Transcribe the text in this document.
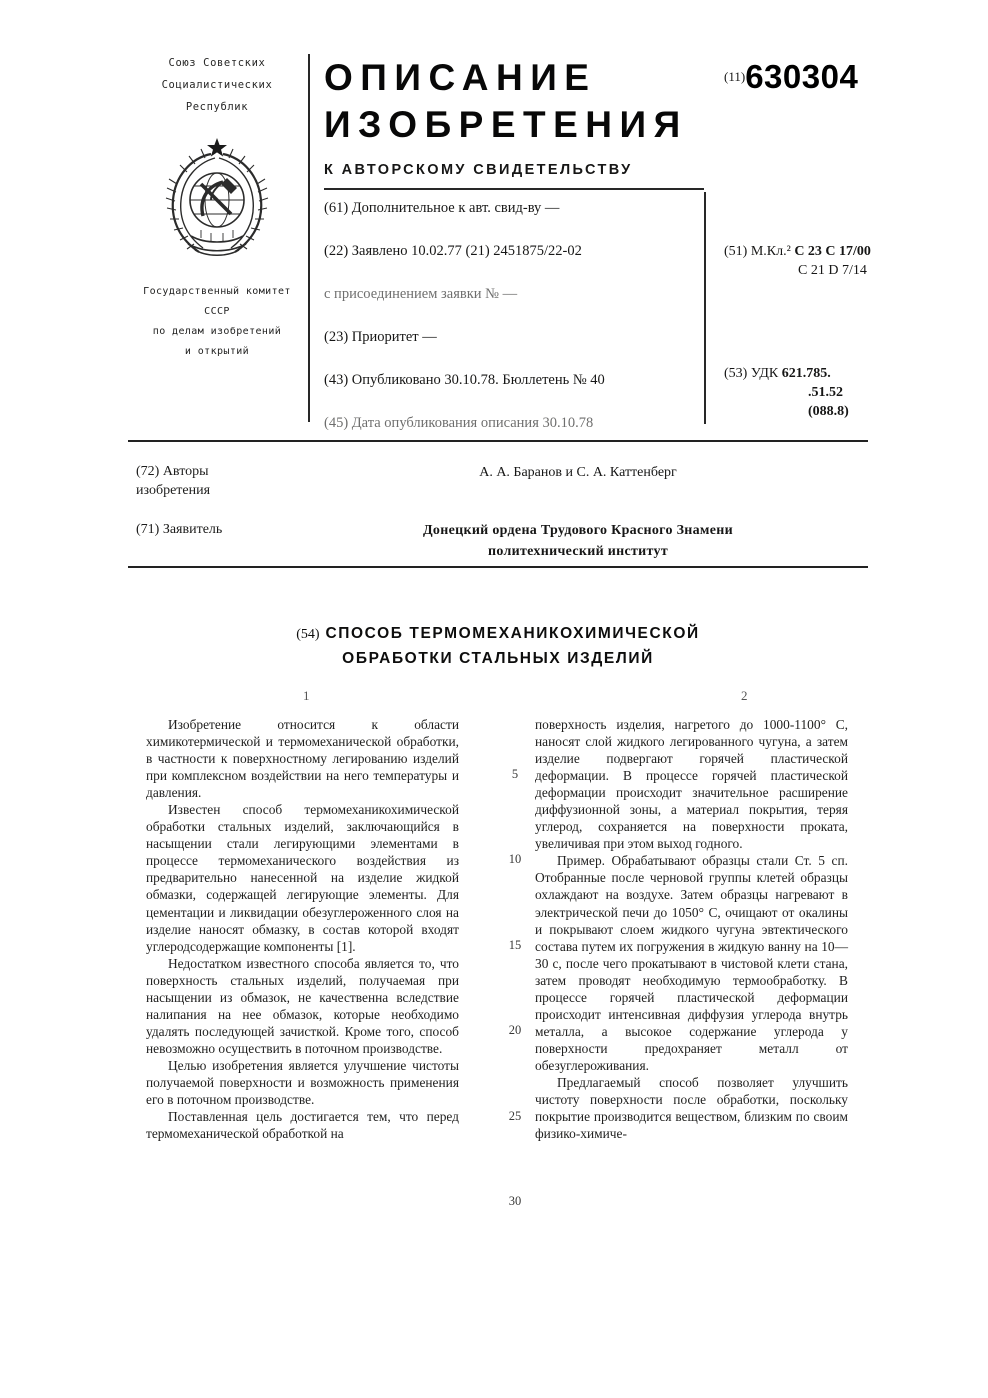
Союз Советских
Социалистических
Республик
Государственный комитет
СССР
по делам изобретений
и открытий
ОПИСАНИЕ
ИЗОБРЕТЕНИЯ
К АВТОРСКОМУ СВИДЕТЕЛЬСТВУ
$^{(11)}$630304
(61) Дополнительное к авт. свид-ву —
(22) Заявлено 10.02.77 (21) 2451875/22-02
с присоединением заявки № —
(23) Приоритет —
(43) Опубликовано 30.10.78. Бюллетень № 40
(45) Дата опубликования описания 30.10.78
(51) М.Кл.² С 23 С 17/00
С 21 D 7/14
(53) УДК 621.785.
.51.52
(088.8)
(72) Авторы
изобретения
А. А. Баранов и С. А. Каттенберг
(71) Заявитель	Донецкий ордена Трудового Красного Знамени
политехнический институт
(54) СПОСОБ ТЕРМОМЕХАНИКОХИМИЧЕСКОЙ
ОБРАБОТКИ СТАЛЬНЫХ ИЗДЕЛИЙ
1	2

Изобретение относится к области химикотермической и термомеханической обработки, в частности к поверхностному легированию изделий при комплексном воздействии на него температуры и давления.

Известен способ термомеханикохимической обработки стальных изделий, заключающийся в насыщении стали легирующими элементами в процессе термомеханического воздействия из предварительно нанесенной на изделие жидкой обмазки, содержащей легирующие элементы. Для цементации и ликвидации обезуглероженного слоя на изделие наносят обмазку, в состав которой входят углеродсодержащие компоненты [1].

Недостатком известного способа является то, что поверхность стальных изделий, получаемая при насыщении из обмазок, не качественна вследствие налипания на нее обмазок, которые необходимо удалять последующей зачисткой. Кроме того, способ невозможно осуществить в поточном производстве.

Целью изобретения является улучшение чистоты получаемой поверхности и возможность применения его в поточном производстве.

Поставленная цель достигается тем, что перед термомеханической обработкой на

поверхность изделия, нагретого до 1000-1100° С, наносят слой жидкого легированного чугуна, а затем изделие подвергают горячей пластической деформации. В процессе горячей пластической деформации происходит значительное расширение диффузионной зоны, а материал покрытия, теряя углерод, сохраняется на поверхности проката, увеличивая при этом выход годного.

Пример. Обрабатывают образцы стали Ст. 5 сп. Отобранные после черновой группы клетей образцы охлаждают на воздухе. Затем образцы нагревают в электрической печи до 1050° С, очищают от окалины и покрывают слоем жидкого чугуна эвтектического состава путем их погружения в жидкую ванну на 10—30 с, после чего прокатывают в чистовой клети стана, затем проводят необходимую термообработку. В процессе горячей пластической деформации происходит интенсивная диффузия углерода внутрь металла, а высокое содержание углерода у поверхности предохраняет металл от обезуглероживания.

Предлагаемый способ позволяет улучшить чистоту поверхности после обработки, поскольку покрытие производится веществом, близким по своим физико-химиче-

5
10
15
20
25
30
